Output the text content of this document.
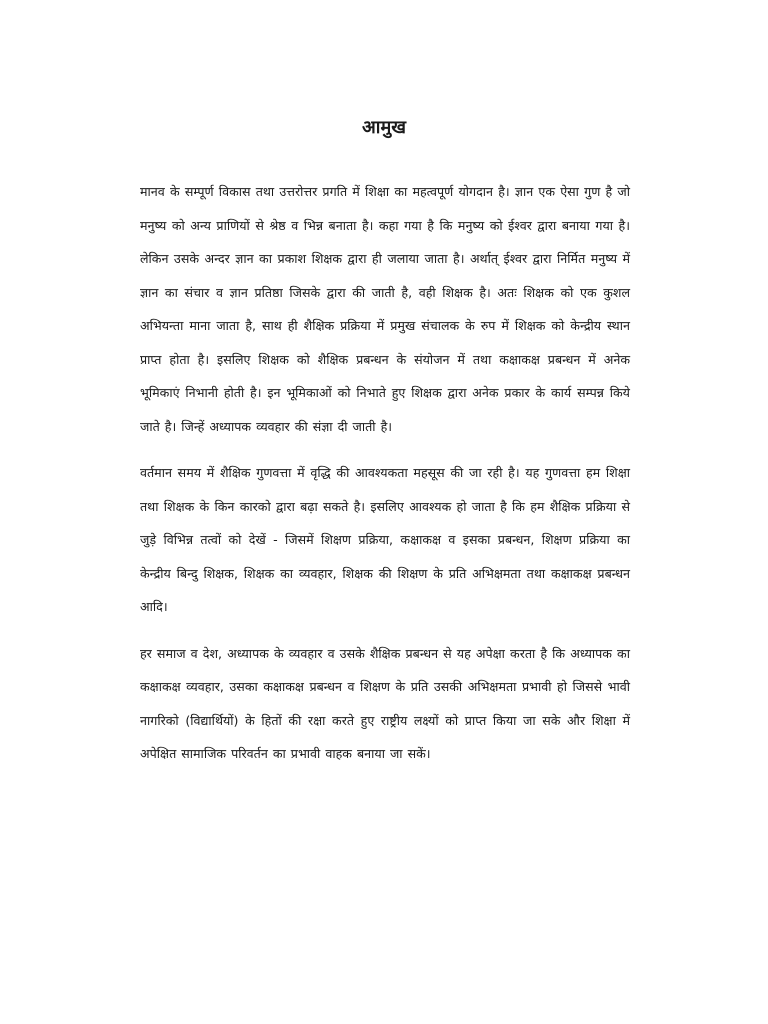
आमुख

मानव के सम्पूर्ण विकास तथा उत्तरोत्तर प्रगति में शिक्षा का महत्वपूर्ण योगदान है। ज्ञान एक ऐसा गुण है जो मनुष्य को अन्य प्राणियों से श्रेष्ठ व भिन्न बनाता है। कहा गया है कि मनुष्य को ईश्वर द्वारा बनाया गया है। लेकिन उसके अन्दर ज्ञान का प्रकाश शिक्षक द्वारा ही जलाया जाता है। अर्थात् ईश्वर द्वारा निर्मित मनुष्य में ज्ञान का संचार व ज्ञान प्रतिष्ठा जिसके द्वारा की जाती है, वही शिक्षक है। अतः शिक्षक को एक कुशल अभियन्ता माना जाता है, साथ ही शैक्षिक प्रक्रिया में प्रमुख संचालक के रुप में शिक्षक को केन्द्रीय स्थान प्राप्त होता है। इसलिए शिक्षक को शैक्षिक प्रबन्धन के संयोजन में तथा कक्षाकक्ष प्रबन्धन में अनेक भूमिकाएं निभानी होती है। इन भूमिकाओं को निभाते हुए शिक्षक द्वारा अनेक प्रकार के कार्य सम्पन्न किये जाते है। जिन्हें अध्यापक व्यवहार की संज्ञा दी जाती है।

वर्तमान समय में शैक्षिक गुणवत्ता में वृद्धि की आवश्यकता महसूस की जा रही है। यह गुणवत्ता हम शिक्षा तथा शिक्षक के किन कारको द्वारा बढ़ा सकते है। इसलिए आवश्यक हो जाता है कि हम शैक्षिक प्रक्रिया से जुड़े विभिन्न तत्वों को देखें - जिसमें शिक्षण प्रक्रिया, कक्षाकक्ष व इसका प्रबन्धन, शिक्षण प्रक्रिया का केन्द्रीय बिन्दु शिक्षक, शिक्षक का व्यवहार, शिक्षक की शिक्षण के प्रति अभिक्षमता तथा कक्षाकक्ष प्रबन्धन आदि।

हर समाज व देश, अध्यापक के व्यवहार व उसके शैक्षिक प्रबन्धन से यह अपेक्षा करता है कि अध्यापक का कक्षाकक्ष व्यवहार, उसका कक्षाकक्ष प्रबन्धन व शिक्षण के प्रति उसकी अभिक्षमता प्रभावी हो जिससे भावी नागरिको (विद्यार्थियों) के हितों की रक्षा करते हुए राष्ट्रीय लक्ष्यों को प्राप्त किया जा सके और शिक्षा में अपेक्षित सामाजिक परिवर्तन का प्रभावी वाहक बनाया जा सकें।
